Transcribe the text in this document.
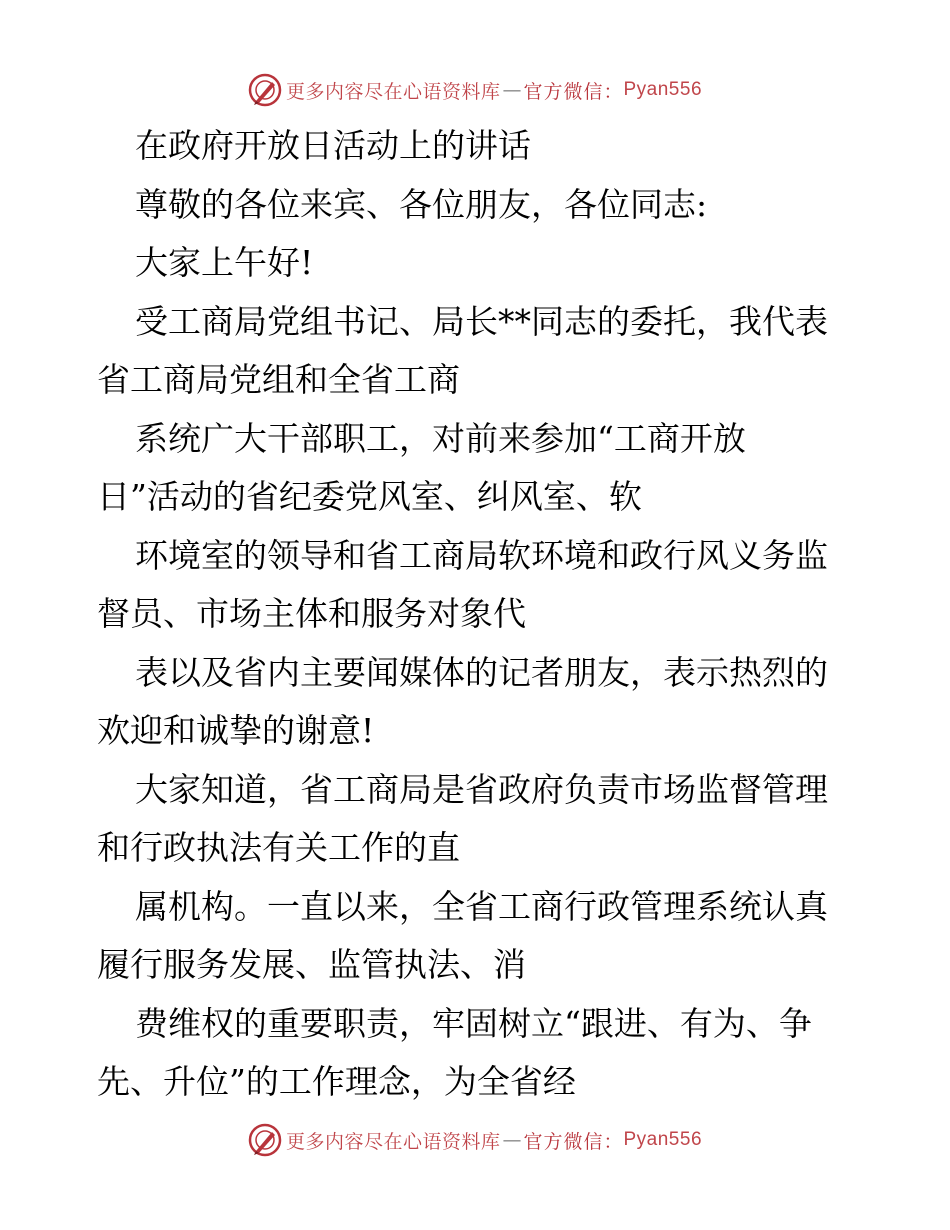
更多内容尽在心语资料库 — 官方微信： Pyan556
在政府开放日活动上的讲话
尊敬的各位来宾、各位朋友，各位同志:
大家上午好!
受工商局党组书记、局长**同志的委托，我代表
省工商局党组和全省工商
系统广大干部职工，对前来参加“工商开放
日”活动的省纪委党风室、纠风室、软
环境室的领导和省工商局软环境和政行风义务监
督员、市场主体和服务对象代
表以及省内主要闻媒体的记者朋友，表示热烈的
欢迎和诚挚的谢意!
大家知道，省工商局是省政府负责市场监督管理
和行政执法有关工作的直
属机构。一直以来，全省工商行政管理系统认真
履行服务发展、监管执法、消
费维权的重要职责，牢固树立“跟进、有为、争
先、升位”的工作理念，为全省经
更多内容尽在心语资料库 — 官方微信： Pyan556
